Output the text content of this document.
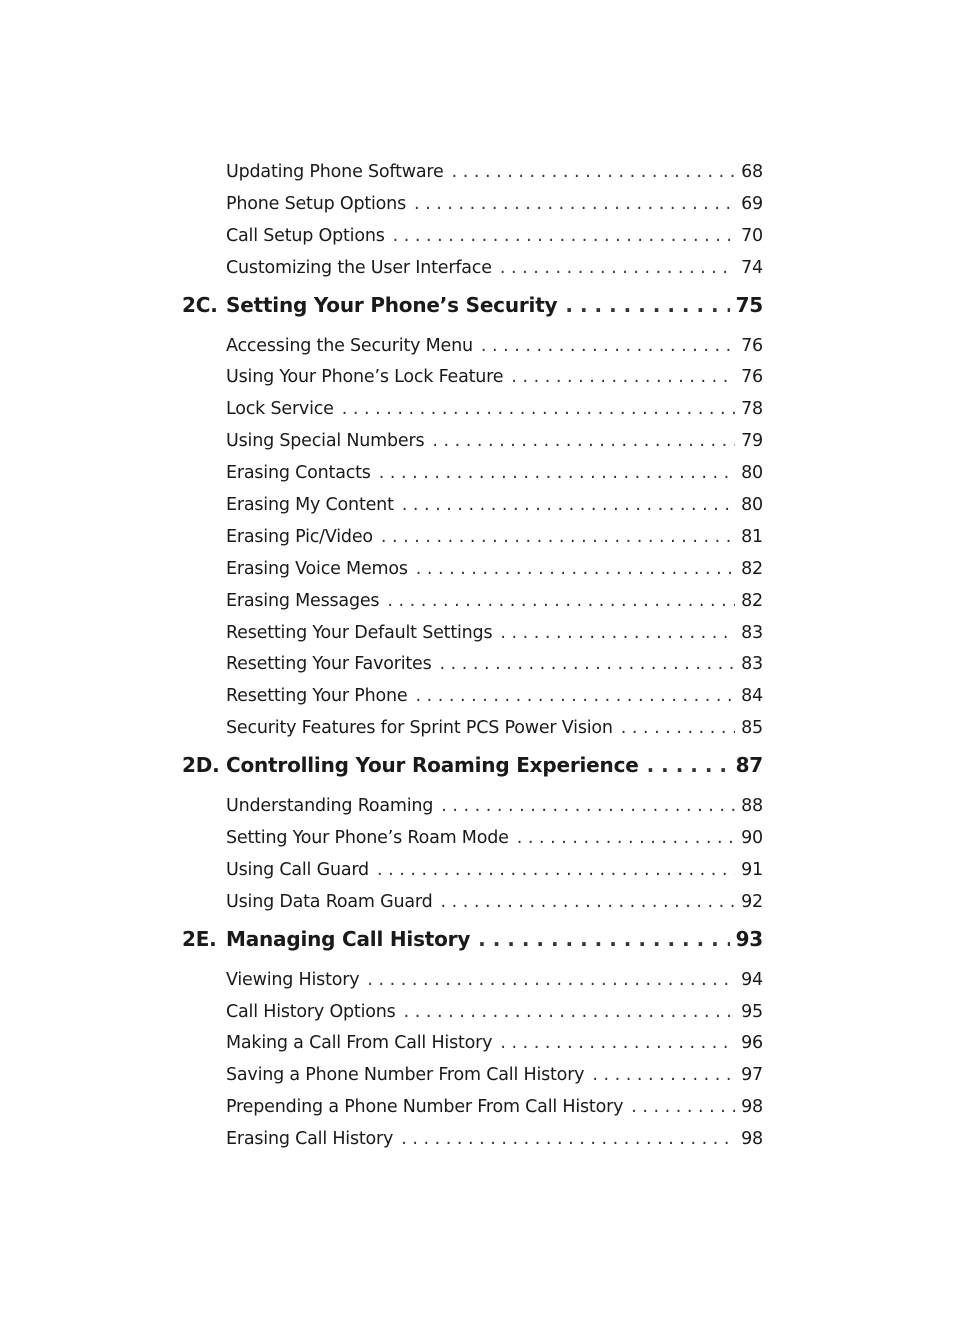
Updating Phone Software . . .	68
Phone Setup Options . . .	69
Call Setup Options . . .	70
Customizing the User Interface . . .	74
2C. Setting Your Phone’s Security . . .	75
Accessing the Security Menu . . .	76
Using Your Phone’s Lock Feature . . .	76
Lock Service . . .	78
Using Special Numbers . . .	79
Erasing Contacts . . .	80
Erasing My Content . . .	80
Erasing Pic/Video . . .	81
Erasing Voice Memos . . .	82
Erasing Messages . . .	82
Resetting Your Default Settings . . .	83
Resetting Your Favorites . . .	83
Resetting Your Phone . . .	84
Security Features for Sprint PCS Power Vision . . .	85
2D. Controlling Your Roaming Experience . . .	87
Understanding Roaming . . .	88
Setting Your Phone’s Roam Mode . . .	90
Using Call Guard . . .	91
Using Data Roam Guard . . .	92
2E. Managing Call History . . .	93
Viewing History . . .	94
Call History Options . . .	95
Making a Call From Call History . . .	96
Saving a Phone Number From Call History . . .	97
Prepending a Phone Number From Call History . . .	98
Erasing Call History . . .	98
